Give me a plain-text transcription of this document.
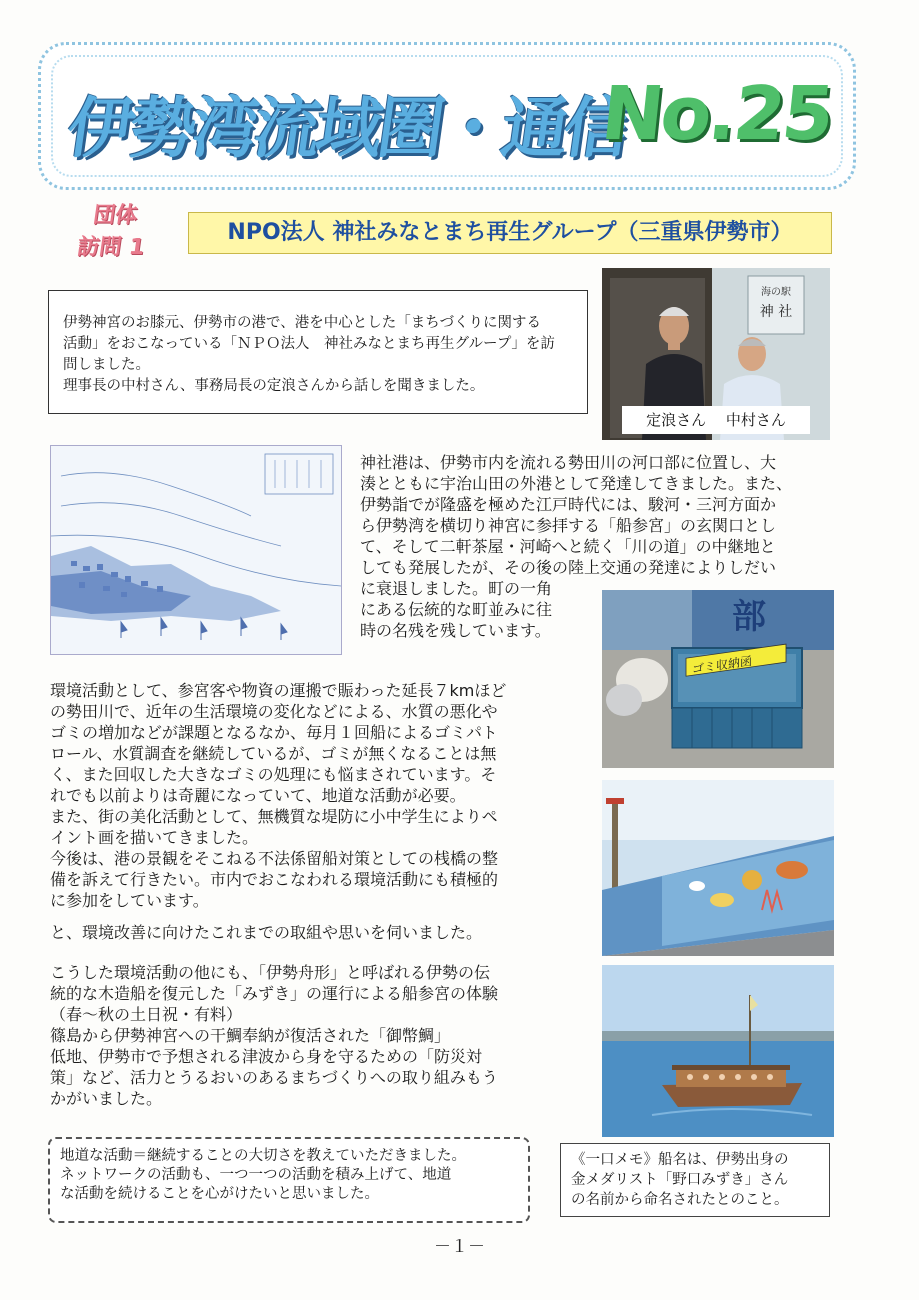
伊勢湾流域圏・通信
No.25
団体
訪問 1
NPO法人 神社みなとまち再生グループ（三重県伊勢市）
伊勢神宮のお膝元、伊勢市の港で、港を中心とした「まちづくりに関する
活動」をおこなっている「ＮＰＯ法人　神社みなとまち再生グループ」を訪
問しました。
理事長の中村さん、事務局長の定浪さんから話しを聞きました。
海の駅
神 社
定浪さん　 中村さん
神社港は、伊勢市内を流れる勢田川の河口部に位置し、大
湊とともに宇治山田の外港として発達してきました。また、
伊勢詣でが隆盛を極めた江戸時代には、駿河・三河方面か
ら伊勢湾を横切り神宮に参拝する「船参宮」の玄関口とし
て、そして二軒茶屋・河崎へと続く「川の道」の中継地と
しても発展したが、その後の陸上交通の発達によりしだい
に衰退しました。町の一角
にある伝統的な町並みに往
時の名残を残しています。	部
ゴミ収納函
環境活動として、参宮客や物資の運搬で賑わった延長７kmほど
の勢田川で、近年の生活環境の変化などによる、水質の悪化や
ゴミの増加などが課題となるなか、毎月１回船によるゴミパト
ロール、水質調査を継続しているが、ゴミが無くなることは無
く、また回収した大きなゴミの処理にも悩まされています。そ
れでも以前よりは奇麗になっていて、地道な活動が必要。
また、街の美化活動として、無機質な堤防に小中学生によりペ
イント画を描いてきました。
今後は、港の景観をそこねる不法係留船対策としての桟橋の整
備を訴えて行きたい。市内でおこなわれる環境活動にも積極的
に参加をしています。
と、環境改善に向けたこれまでの取組や思いを伺いました。
こうした環境活動の他にも、「伊勢舟形」と呼ばれる伊勢の伝
統的な木造船を復元した「みずき」の運行による船参宮の体験
（春～秋の土日祝・有料）
篠島から伊勢神宮への干鯛奉納が復活された「御幣鯛」
低地、伊勢市で予想される津波から身を守るための「防災対
策」など、活力とうるおいのあるまちづくりへの取り組みもう
かがいました。
地道な活動＝継続することの大切さを教えていただきました。
ネットワークの活動も、一つ一つの活動を積み上げて、地道
な活動を続けることを心がけたいと思いました。
《一口メモ》船名は、伊勢出身の
金メダリスト「野口みずき」さん
の名前から命名されたとのこと。
－１－
